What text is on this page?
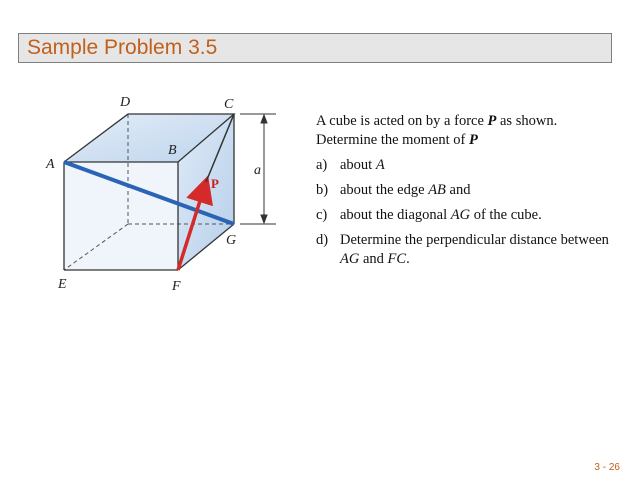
Sample Problem 3.5
D	C
A
B
G
E	F
P
a

A cube is acted on by a force P as shown. Determine the moment of P

a) about A
b) about the edge AB and
c) about the diagonal AG of the cube.
d) Determine the perpendicular distance between AG and FC.
3 - 26
